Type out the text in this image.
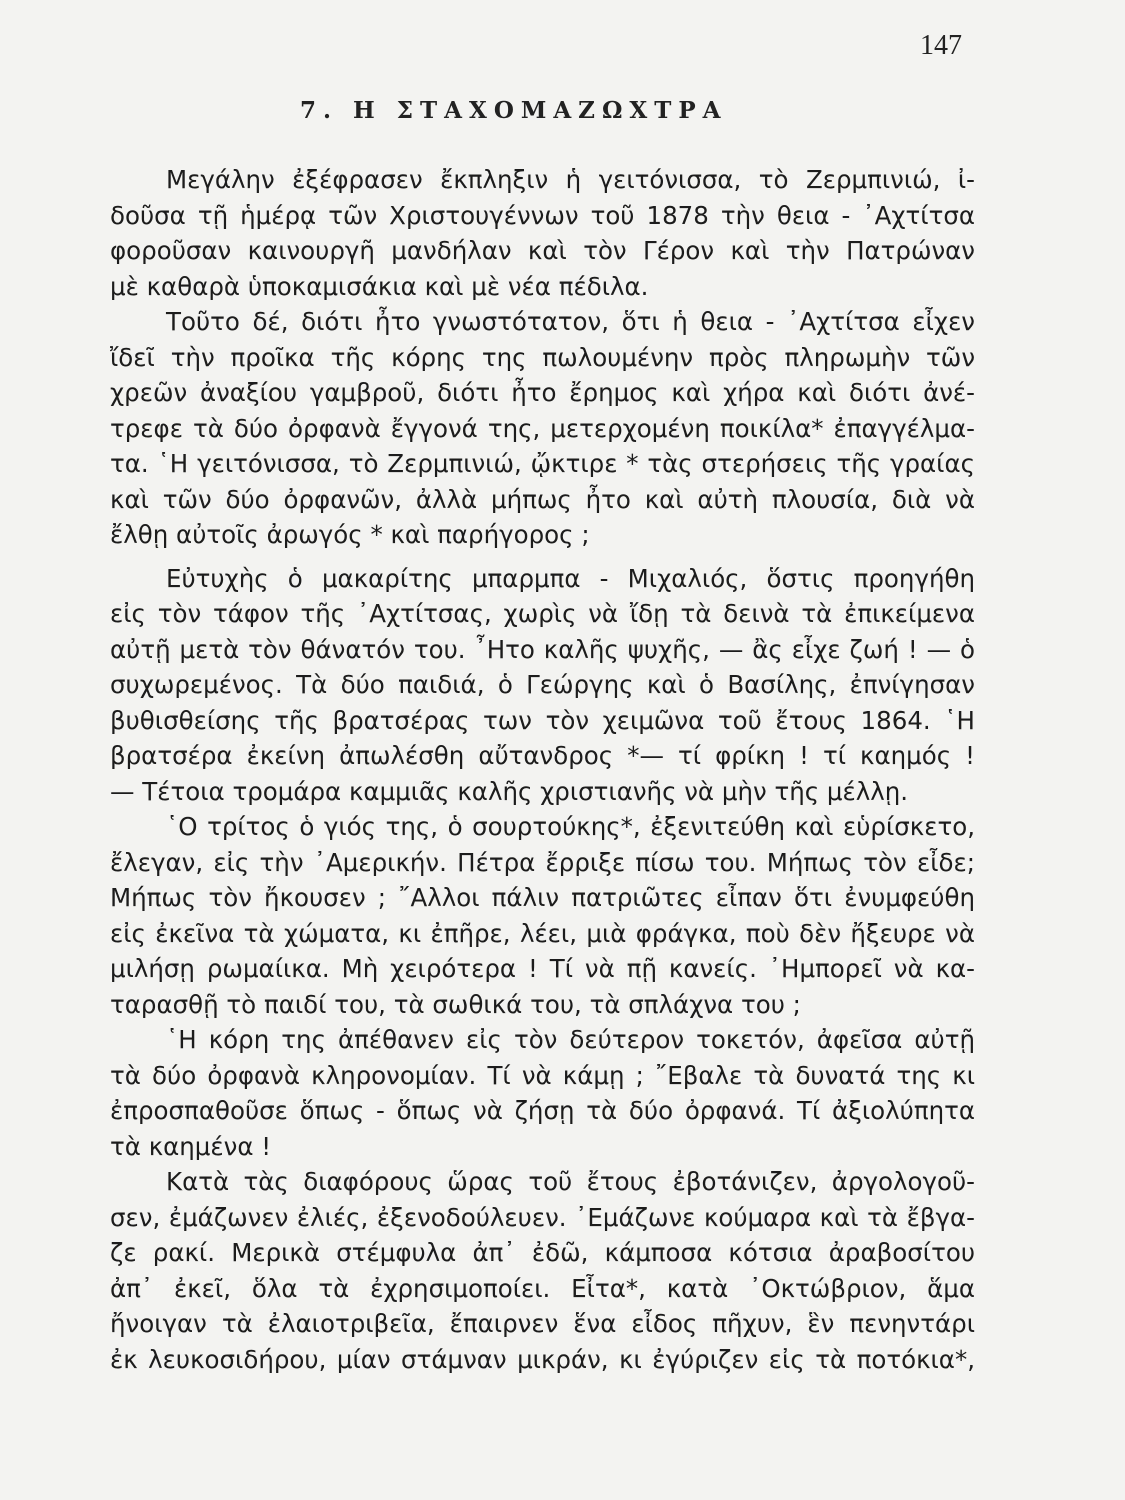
147
7. Η ΣΤΑΧΟΜΑΖΩΧΤΡΑ
Μεγάλην ἐξέφρασεν ἔκπληξιν ἡ γειτόνισσα, τὸ Ζερμπινιώ, ἰ-
δοῦσα τῇ ἡμέρᾳ τῶν Χριστουγέννων τοῦ 1878 τὴν θεια - ᾿Αχτίτσα
φοροῦσαν καινουργῆ μανδήλαν καὶ τὸν Γέρον καὶ τὴν Πατρώναν
μὲ καθαρὰ ὑποκαμισάκια καὶ μὲ νέα πέδιλα.
Τοῦτο δέ, διότι ἦτο γνωστότατον, ὅτι ἡ θεια - ᾿Αχτίτσα εἶχεν
ἴδεῖ τὴν προῖκα τῆς κόρης της πωλουμένην πρὸς πληρωμὴν τῶν
χρεῶν ἀναξίου γαμβροῦ, διότι ἦτο ἔρημος καὶ χήρα καὶ διότι ἀνέ-
τρεφε τὰ δύο ὀρφανὰ ἔγγονά της, μετερχομένη ποικίλα* ἐπαγγέλμα-
τα. ῾Η γειτόνισσα, τὸ Ζερμπινιώ, ᾤκτιρε * τὰς στερήσεις τῆς γραίας
καὶ τῶν δύο ὀρφανῶν, ἀλλὰ μήπως ἦτο καὶ αὐτὴ πλουσία, διὰ νὰ
ἔλθῃ αὐτοῖς ἀρωγός * καὶ παρήγορος ;
Εὐτυχὴς ὁ μακαρίτης μπαρμπα - Μιχαλιός, ὅστις προηγήθη
εἰς τὸν τάφον τῆς ᾿Αχτίτσας, χωρὶς νὰ ἴδῃ τὰ δεινὰ τὰ ἐπικείμενα
αὐτῇ μετὰ τὸν θάνατόν του. ῏Ητο καλῆς ψυχῆς, — ἂς εἶχε ζωή ! — ὁ
συχωρεμένος. Τὰ δύο παιδιά, ὁ Γεώργης καὶ ὁ Βασίλης, ἐπνίγησαν
βυθισθείσης τῆς βρατσέρας των τὸν χειμῶνα τοῦ ἔτους 1864. ῾Η
βρατσέρα ἐκείνη ἀπωλέσθη αὔτανδρος *— τί φρίκη ! τί καημός !
— Τέτοια τρομάρα καμμιᾶς καλῆς χριστιανῆς νὰ μὴν τῆς μέλλῃ.
῾Ο τρίτος ὁ γιός της, ὁ σουρτούκης*, ἐξενιτεύθη καὶ εὑρίσκετο,
ἔλεγαν, εἰς τὴν ᾿Αμερικήν. Πέτρα ἔρριξε πίσω του. Μήπως τὸν εἶδε;
Μήπως τὸν ἤκουσεν ; ῎Αλλοι πάλιν πατριῶτες εἶπαν ὅτι ἐνυμφεύθη
εἰς ἐκεῖνα τὰ χώματα, κι ἐπῆρε, λέει, μιὰ φράγκα, ποὺ δὲν ἤξευρε νὰ
μιλήσῃ ρωμαίικα. Μὴ χειρότερα ! Τί νὰ πῇ κανείς. ᾿Ημπορεῖ νὰ κα-
ταρασθῇ τὸ παιδί του, τὰ σωθικά του, τὰ σπλάχνα του ;
῾Η κόρη της ἀπέθανεν εἰς τὸν δεύτερον τοκετόν, ἀφεῖσα αὐτῇ
τὰ δύο ὀρφανὰ κληρονομίαν. Τί νὰ κάμῃ ; ῎Εβαλε τὰ δυνατά της κι
ἐπροσπαθοῦσε ὅπως - ὅπως νὰ ζήσῃ τὰ δύο ὀρφανά. Τί ἀξιολύπητα
τὰ καημένα !
Κατὰ τὰς διαφόρους ὥρας τοῦ ἔτους ἐβοτάνιζεν, ἀργολογοῦ-
σεν, ἐμάζωνεν ἐλιές, ἐξενοδούλευεν. ᾿Εμάζωνε κούμαρα καὶ τὰ ἔβγα-
ζε ρακί. Μερικὰ στέμφυλα ἀπ᾿ ἐδῶ, κάμποσα κότσια ἀραβοσίτου
ἀπ᾿ ἐκεῖ, ὅλα τὰ ἐχρησιμοποίει. Εἶτα*, κατὰ ᾿Οκτώβριον, ἅμα
ἤνοιγαν τὰ ἐλαιοτριβεῖα, ἔπαιρνεν ἕνα εἶδος πῆχυν, ἓν πενηντάρι
ἐκ λευκοσιδήρου, μίαν στάμναν μικράν, κι ἐγύριζεν εἰς τὰ ποτόκια*,
